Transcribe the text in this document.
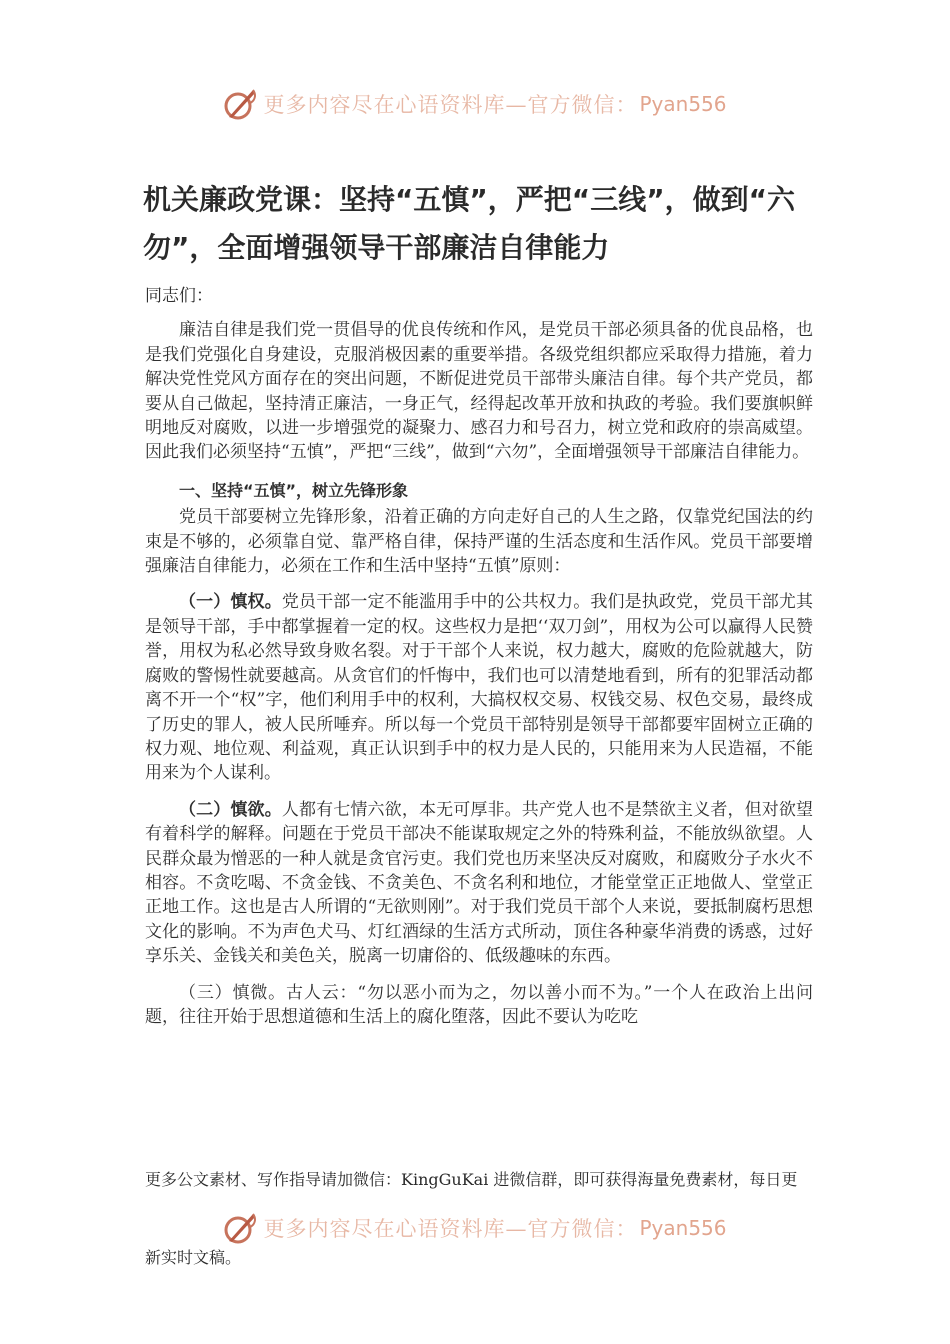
更多内容尽在心语资料库—官方微信： Pyan556
机关廉政党课：坚持“五慎”，严把“三线”，做到“六勿”，全面增强领导干部廉洁自律能力

同志们：

廉洁自律是我们党一贯倡导的优良传统和作风，是党员干部必须具备的优良品格，也是我们党强化自身建设，克服消极因素的重要举措。各级党组织都应采取得力措施，着力解决党性党风方面存在的突出问题，不断促进党员干部带头廉洁自律。每个共产党员，都要从自己做起，坚持清正廉洁，一身正气，经得起改革开放和执政的考验。我们要旗帜鲜明地反对腐败，以进一步增强党的凝聚力、感召力和号召力，树立党和政府的崇高威望。因此我们必须坚持“五慎”，严把“三线”，做到“六勿”，全面增强领导干部廉洁自律能力。

一、坚持“五慎”，树立先锋形象

党员干部要树立先锋形象，沿着正确的方向走好自己的人生之路，仅靠党纪国法的约束是不够的，必须靠自觉、靠严格自律，保持严谨的生活态度和生活作风。党员干部要增强廉洁自律能力，必须在工作和生活中坚持“五慎”原则：

（一）慎权。党员干部一定不能滥用手中的公共权力。我们是执政党，党员干部尤其是领导干部，手中都掌握着一定的权。这些权力是把‘‘双刀剑”，用权为公可以赢得人民赞誉，用权为私必然导致身败名裂。对于干部个人来说，权力越大，腐败的危险就越大，防腐败的警惕性就要越高。从贪官们的忏悔中，我们也可以清楚地看到，所有的犯罪活动都离不开一个“权”字，他们利用手中的权利，大搞权权交易、权钱交易、权色交易，最终成了历史的罪人，被人民所唾弃。所以每一个党员干部特别是领导干部都要牢固树立正确的权力观、地位观、利益观，真正认识到手中的权力是人民的，只能用来为人民造福，不能用来为个人谋利。

（二）慎欲。人都有七情六欲，本无可厚非。共产党人也不是禁欲主义者，但对欲望有着科学的解释。问题在于党员干部决不能谋取规定之外的特殊利益，不能放纵欲望。人民群众最为憎恶的一种人就是贪官污吏。我们党也历来坚决反对腐败，和腐败分子水火不相容。不贪吃喝、不贪金钱、不贪美色、不贪名利和地位，才能堂堂正正地做人、堂堂正正地工作。这也是古人所谓的“无欲则刚”。对于我们党员干部个人来说，要抵制腐朽思想文化的影响。不为声色犬马、灯红酒绿的生活方式所动，顶住各种豪华消费的诱惑，过好享乐关、金钱关和美色关，脱离一切庸俗的、低级趣味的东西。

（三）慎微。古人云：“勿以恶小而为之，勿以善小而不为。”一个人在政治上出问题，往往开始于思想道德和生活上的腐化堕落，因此不要认为吃吃

更多公文素材、写作指导请加微信：KingGuKai 进微信群，即可获得海量免费素材，每日更
更多内容尽在心语资料库—官方微信： Pyan556
新实时文稿。
